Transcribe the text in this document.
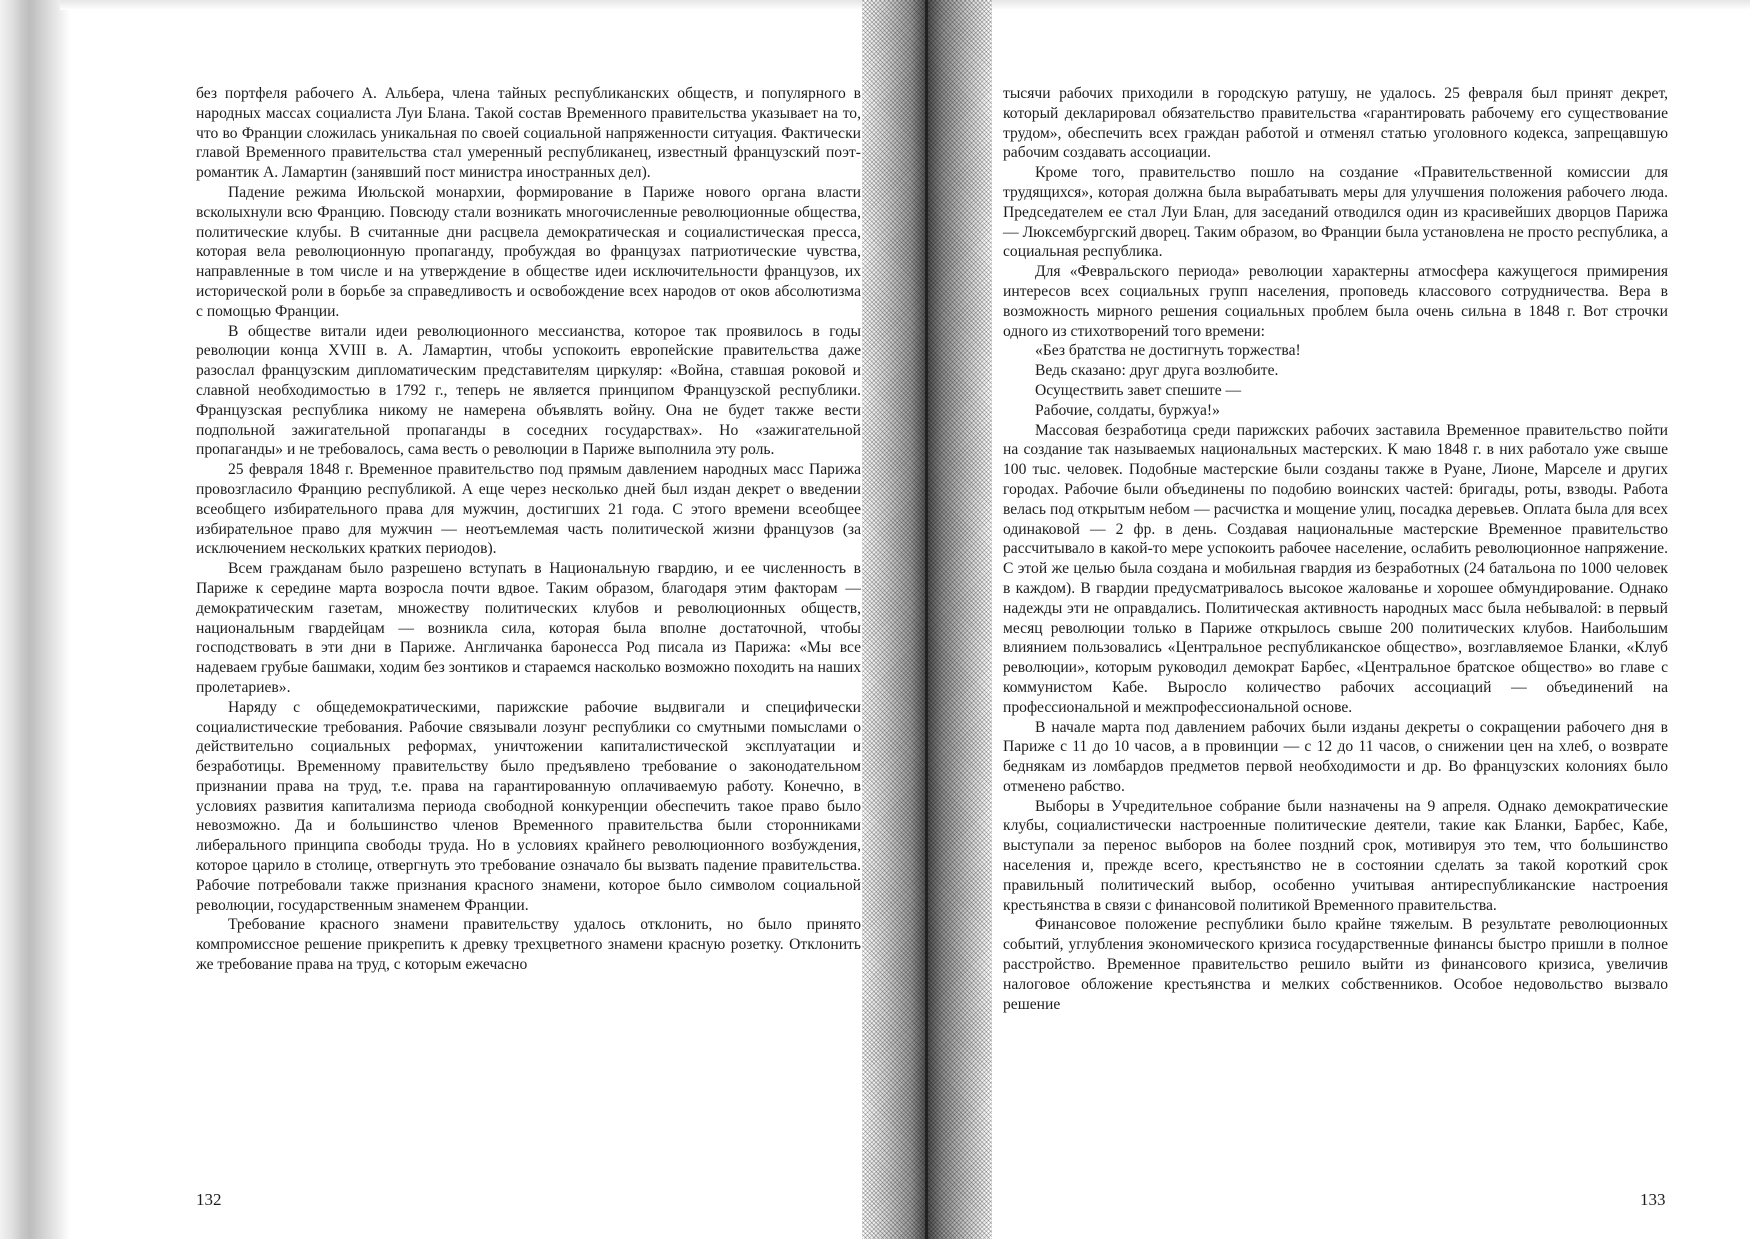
без портфеля рабочего А. Альбера, члена тайных республиканских обществ, и популярного в народных массах социалиста Луи Блана. Такой состав Временного правительства указывает на то, что во Франции сложилась уникальная по своей социальной напряженности ситуация. Фактически главой Временного правительства стал умеренный республиканец, известный французский поэт-романтик А. Ламартин (занявший пост министра иностранных дел).

Падение режима Июльской монархии, формирование в Париже нового органа власти всколыхнули всю Францию. Повсюду стали возникать многочисленные революционные общества, политические клубы. В считанные дни расцвела демократическая и социалистическая пресса, которая вела революционную пропаганду, пробуждая во французах патриотические чувства, направленные в том числе и на утверждение в обществе идеи исключительности французов, их исторической роли в борьбе за справедливость и освобождение всех народов от оков абсолютизма с помощью Франции.

В обществе витали идеи революционного мессианства, которое так проявилось в годы революции конца XVIII в. А. Ламартин, чтобы успокоить европейские правительства даже разослал французским дипломатическим представителям циркуляр: «Война, ставшая роковой и славной необходимостью в 1792 г., теперь не является принципом Французской республики. Французская республика никому не намерена объявлять войну. Она не будет также вести подпольной зажигательной пропаганды в соседних государствах». Но «зажигательной пропаганды» и не требовалось, сама весть о революции в Париже выполнила эту роль.

25 февраля 1848 г. Временное правительство под прямым давлением народных масс Парижа провозгласило Францию республикой. А еще через несколько дней был издан декрет о введении всеобщего избирательного права для мужчин, достигших 21 года. С этого времени всеобщее избирательное право для мужчин — неотъемлемая часть политической жизни французов (за исключением нескольких кратких периодов).

Всем гражданам было разрешено вступать в Национальную гвардию, и ее численность в Париже к середине марта возросла почти вдвое. Таким образом, благодаря этим факторам — демократическим газетам, множеству политических клубов и революционных обществ, национальным гвардейцам — возникла сила, которая была вполне достаточной, чтобы господствовать в эти дни в Париже. Англичанка баронесса Род писала из Парижа: «Мы все надеваем грубые башмаки, ходим без зонтиков и стараемся насколько возможно походить на наших пролетариев».

Наряду с общедемократическими, парижские рабочие выдвигали и специфически социалистические требования. Рабочие связывали лозунг республики со смутными помыслами о действительно социальных реформах, уничтожении капиталистической эксплуатации и безработицы. Временному правительству было предъявлено требование о законодательном признании права на труд, т.е. права на гарантированную оплачиваемую работу. Конечно, в условиях развития капитализма периода свободной конкуренции обеспечить такое право было невозможно. Да и большинство членов Временного правительства были сторонниками либерального принципа свободы труда. Но в условиях крайнего революционного возбуждения, которое царило в столице, отвергнуть это требование означало бы вызвать падение правительства. Рабочие потребовали также признания красного знамени, которое было символом социальной революции, государственным знаменем Франции.

Требование красного знамени правительству удалось отклонить, но было принято компромиссное решение прикрепить к древку трехцветного знамени красную розетку. Отклонить же требование права на труд, с которым ежечасно

132

тысячи рабочих приходили в городскую ратушу, не удалось. 25 февраля был принят декрет, который декларировал обязательство правительства «гарантировать рабочему его существование трудом», обеспечить всех граждан работой и отменял статью уголовного кодекса, запрещавшую рабочим создавать ассоциации.

Кроме того, правительство пошло на создание «Правительственной комиссии для трудящихся», которая должна была вырабатывать меры для улучшения положения рабочего люда. Председателем ее стал Луи Блан, для заседаний отводился один из красивейших дворцов Парижа — Люксембургский дворец. Таким образом, во Франции была установлена не просто республика, а социальная республика.

Для «Февральского периода» революции характерны атмосфера кажущегося примирения интересов всех социальных групп населения, проповедь классового сотрудничества. Вера в возможность мирного решения социальных проблем была очень сильна в 1848 г. Вот строчки одного из стихотворений того времени:

«Без братства не достигнуть торжества!

Ведь сказано: друг друга возлюбите.

Осуществить завет спешите —

Рабочие, солдаты, буржуа!»

Массовая безработица среди парижских рабочих заставила Временное правительство пойти на создание так называемых национальных мастерских. К маю 1848 г. в них работало уже свыше 100 тыс. человек. Подобные мастерские были созданы также в Руане, Лионе, Марселе и других городах. Рабочие были объединены по подобию воинских частей: бригады, роты, взводы. Работа велась под открытым небом — расчистка и мощение улиц, посадка деревьев. Оплата была для всех одинаковой — 2 фр. в день. Создавая национальные мастерские Временное правительство рассчитывало в какой-то мере успокоить рабочее население, ослабить революционное напряжение. С этой же целью была создана и мобильная гвардия из безработных (24 батальона по 1000 человек в каждом). В гвардии предусматривалось высокое жалованье и хорошее обмундирование. Однако надежды эти не оправдались. Политическая активность народных масс была небывалой: в первый месяц революции только в Париже открылось свыше 200 политических клубов. Наибольшим влиянием пользовались «Центральное республиканское общество», возглавляемое Бланки, «Клуб революции», которым руководил демократ Барбес, «Центральное братское общество» во главе с коммунистом Кабе. Выросло количество рабочих ассоциаций — объединений на профессиональной и межпрофессиональной основе.

В начале марта под давлением рабочих были изданы декреты о сокращении рабочего дня в Париже с 11 до 10 часов, а в провинции — с 12 до 11 часов, о снижении цен на хлеб, о возврате беднякам из ломбардов предметов первой необходимости и др. Во французских колониях было отменено рабство.

Выборы в Учредительное собрание были назначены на 9 апреля. Однако демократические клубы, социалистически настроенные политические деятели, такие как Бланки, Барбес, Кабе, выступали за перенос выборов на более поздний срок, мотивируя это тем, что большинство населения и, прежде всего, крестьянство не в состоянии сделать за такой короткий срок правильный политический выбор, особенно учитывая антиреспубликанские настроения крестьянства в связи с финансовой политикой Временного правительства.

Финансовое положение республики было крайне тяжелым. В результате революционных событий, углубления экономического кризиса государственные финансы быстро пришли в полное расстройство. Временное правительство решило выйти из финансового кризиса, увеличив налоговое обложение крестьянства и мелких собственников. Особое недовольство вызвало решение

133
